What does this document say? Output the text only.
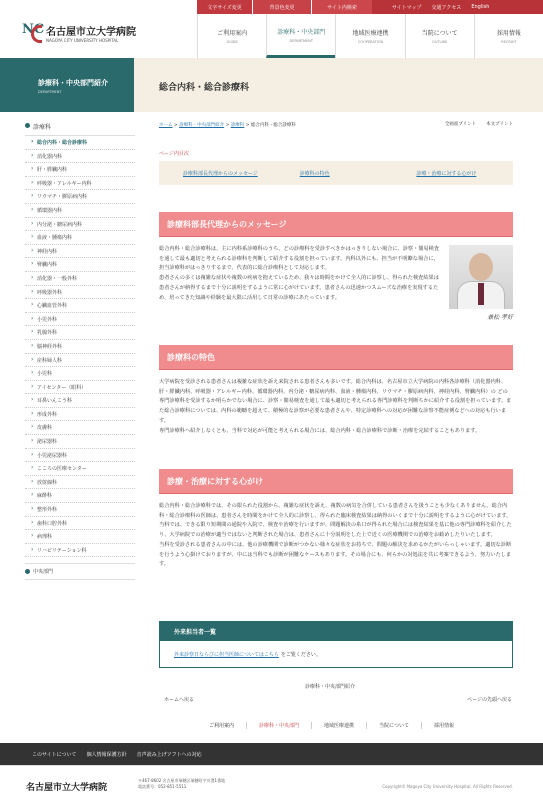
文字サイズ変更	背景色変更	サイト内検索	サイトマップ 交通アクセス English
NC 名古屋市立大学病院
NAGOYA CITY UNIVERSITY HOSPITAL
ご利用案内
GUIDE
診療科・中央部門
DEPARTMENT
地域医療連携
COOPERATION
当院について
OUTLINE
採用情報
RECRUIT
診療科・中央部門紹介
DEPARTMENT	総合内科・総合診療科
診療科
› 総合内科・総合診療科
› 消化器内科
› 肝・膵臓内科
› 呼吸器・アレルギー内科
› リウマチ・膠原病内科
› 循環器内科
› 内分泌・糖尿病内科
› 血液・腫瘍内科
› 神経内科
› 腎臓内科
› 消化器・一般外科
› 呼吸器外科
› 心臓血管外科
› 小児外科
› 乳腺外科
› 脳神経外科
› 産科婦人科
› 小児科
› アイセンター（眼科）
› 耳鼻いんこう科
› 形成外科
› 皮膚科
› 泌尿器科
› 小児泌尿器科
› こころの医療センター
› 放射線科
› 麻酔科
› 整形外科
› 歯科口腔外科
› 病理科
› リハビリテーション科
中央部門
ホーム > 診療科・中央部門紹介 > 診療科 > 総合内科・総合診療科	全画面プリント 本文プリント
ページ内目次
診療科部長代理からのメッセージ	診療科の特色	診療・治療に対する心がけ
診療科部長代理からのメッセージ

総合内科・総合診療科は、主に内科系診療科のうち、どの診療科を受診すべきかはっきりしない場合に、診察・簡易検査を通して最も適切と考えられる診療科を判断して紹介する役割を担っています。内科以外にも、担当が不明瞭な場合に、担当診療科がはっきりするまで、代表的に総合診療科として対応します。
患者さんの多くは複雑な症状や複数の疾病を抱えているため、我々は時間をかけて全人的に診察し、得られた検査結果は患者さんが納得するまで十分に説明をするように常に心がけています。患者さんの迅速かつスムーズな治療を実現するため、培ってきた知識や経験を最大限に活用して日常の診療にあたっています。

兼松 孝好
診療科の特色

大学病院を受診される患者さんは複雑な症状を訴え来院される患者さんも多いです。総合内科は、名古屋市立大学病院の内科各診療科（消化器内科、肝・膵臓内科、呼吸器・アレルギー内科、循環器内科、内分泌・糖尿病内科、血液・腫瘍内科、リウマチ・膠原病内科、神経内科、腎臓内科）の どの専門診療科を受診するか明らかでない場合に、診察・簡易検査を通して最も適切と考えられる専門診療科を判断ちかに紹介する役割を担っています。また総合診療科については、内科の範疇を超えて、積極的な診察が必要な患者さんや、特定診療科への対応が困難な診察不能症例などへの対応も行います。
専門診療科へ紹介しなくとも、当科で対応が可能と考えられる場合には、総合内科・総合診療科で診断・治療を完結することもあります。

診療・治療に対する心がけ

総合内科・総合診療科では、その限られた役割から、複雑な症状を訴え、複数の病気を合併している患者さんを扱うことも少なくありません。総合内科・総合診療科の医師は、患者さんを時間をかけて全人的に診察し、得られた臨床検査結果は納得のいくまで十分に説明をするように心がけています。
当科では、できる限り短期間の通院や入院で、検査や治療を行いますが、問題解決の糸口が得られた場合には検査結果を基に他の専門診療科を紹介したり、大学病院での治療が適当ではないと判断された場合は、患者さんに十分説明をした上で近くの医療機関での治療をお勧めしたりいたします。
当科を受診される患者さんの中には、他の診療機関で診断がつかない様々な症状をお持ちで、問題の解決を求めるかたがいらっしゃいます。適切な診断を行うよう心掛けておりますが、中には当科でも診断が困難なケースもあります。その場合にも、何らかの対処法を共に考案できるよう、努力いたします。

外来担当者一覧
外来診察日ならびに担当医師についてはこちら をご覧ください。
診療科・中央部門紹介
ホームへ戻る	ページの先頭へ戻る
ご利用案内	診療科・中央部門	地域医療連携	当院について	採用情報
このサイトについて 個人情報保護方針 音声読み上げソフトへの対応
名古屋市立大学病院
〒467-8602 名古屋市瑞穂区瑞穂町字川澄1番地
電話番号：052-851-5511	Copyright© Nagoya City University Hospital. All Rights Reserved.
